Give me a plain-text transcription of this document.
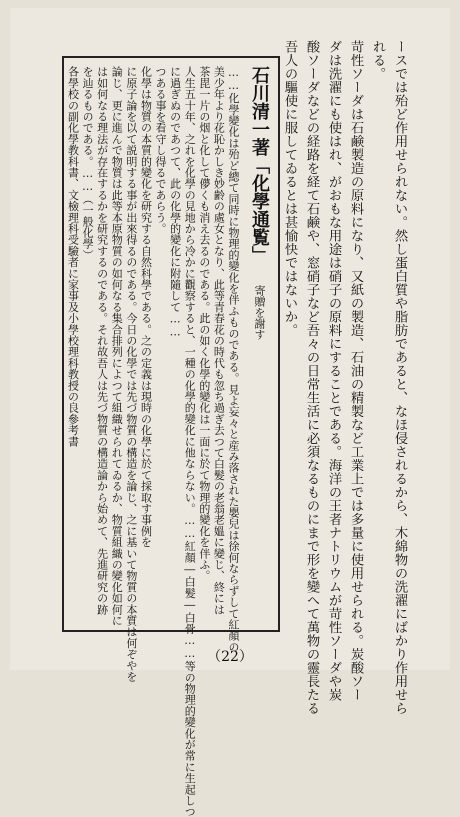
ースでは殆ど作用せられない。然し蛋白質や脂肪であると、なほ侵されるから、木綿物の洗濯にばかり作用せら
れる。
苛性ソーダは石鹸製造の原料になり、又紙の製造、石油の精製など工業上では多量に使用せられる。炭酸ソー
ダは洗濯にも使はれ、がおもな用途は硝子の原料にすることである。海洋の王者ナトリウムが苛性ソーダや炭
酸ソーダなどの経路を経て石鹸や、窓硝子など吾々の日常生活に必須なるものにまで形を變へて萬物の靈長たる
吾人の驅使に服してゐるとは甚愉快ではないか。
石川清一著「化學通覧」 寄贈を謝す
……化學變化は殆ど總て同時に物理的變化を伴ふものである。見よ妄々と産み落された嬰兒は徐何ならずして紅顏の
美少年より花恥かしき妙齢の處女となり、此等青春花の時代も忽ち過ぎ去つて白髪の老翁老媼に變じ、終には
茶毘一片の烟と化して儚くも消え去るのである。此の如く化學的變化は一面に於て物理的變化を伴ふ。
人生五十年、之れを化學の見地から冷かに觀察すると、一種の化學的變化に他ならない。……紅顏―白髪―白骨……等の物理的變化が常に生起しつ
に過ぎぬのであつて、此の化學的變化に附隨して……
つある事を看守し得るであらう。
化學は物質の本質的變化を研究する自然科學である。之の定義は現時の化學に於て採取す事例を
に原子論を以て説明する事が出來得るのである。今日の化學では先づ物質の構造を論じ、之に基いて物質の本質は何ぞやを
論じ、更に進んで物質は此等本原物質の如何なる集合排列によつて組織せられてゐるか、物質組織の變化如何に
は如何なる理法が存在するかを研究するのである。それ故吾人は先づ物質の構造論から始めて、先進研究の跡
を辿るものである。……（一般化學）
各學校の副化學教科書、文檢理科受驗者に家事及小學校理科教授の良參考書
（22）
